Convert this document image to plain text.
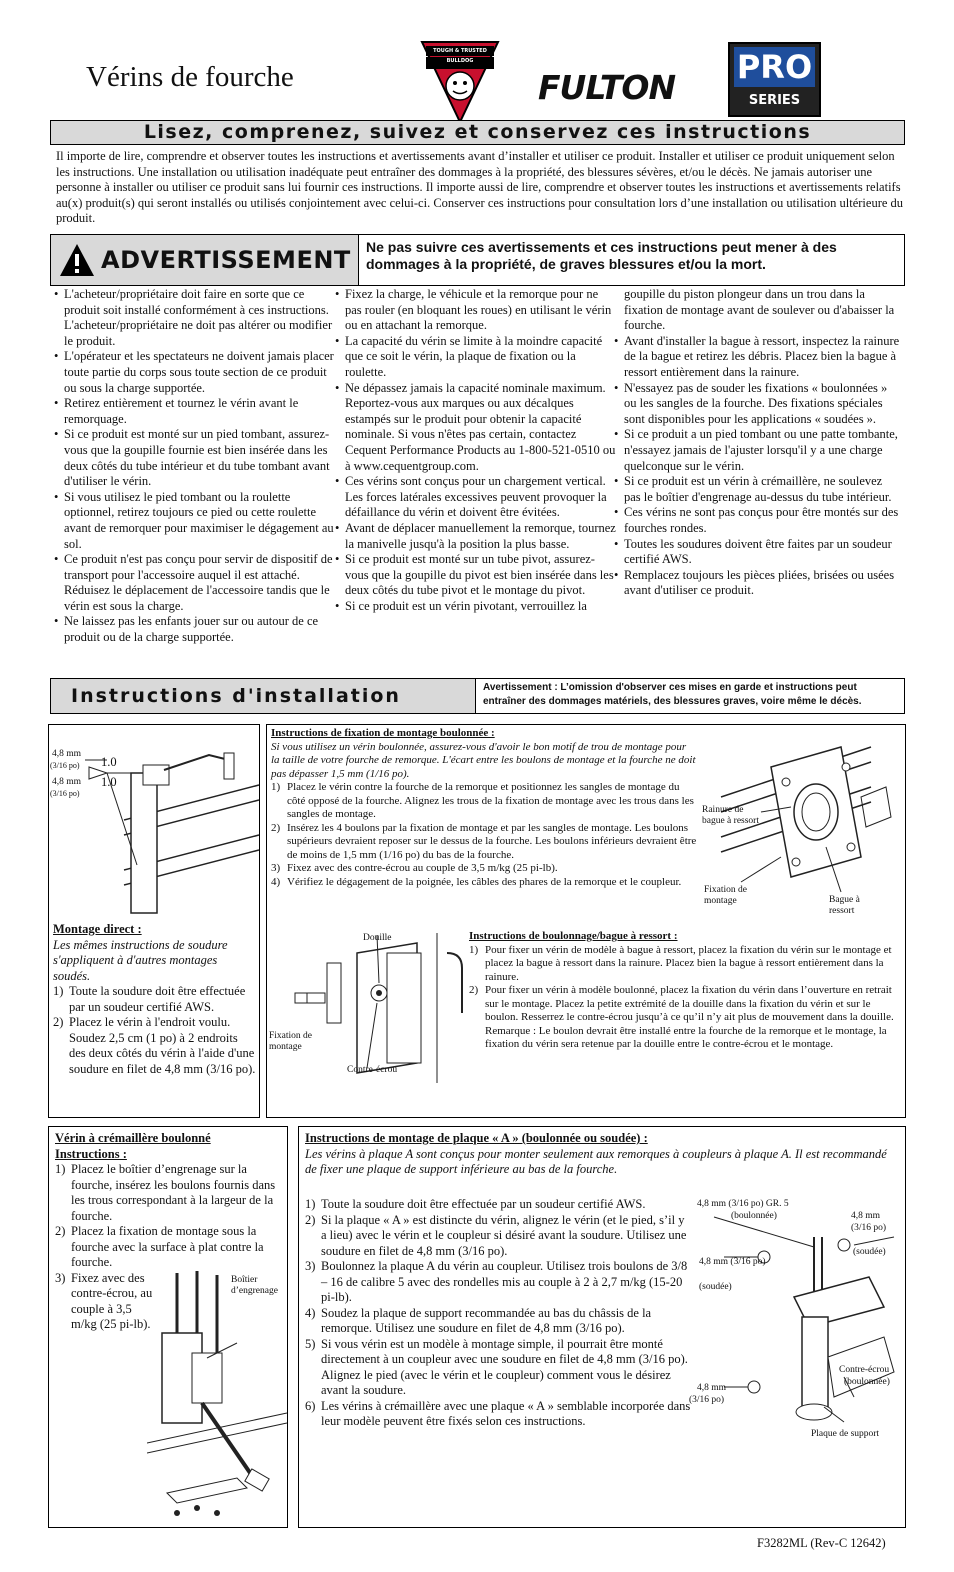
Vérins de fourche
TOUGH & TRUSTED BULLDOG
FULTON
PRO
SERIES
Lisez, comprenez, suivez et conservez ces instructions
Il importe de lire, comprendre et observer toutes les instructions et avertissements avant d’installer et utiliser ce produit. Installer et utiliser ce produit uniquement selon les instructions. Une installation ou utilisation inadéquate peut entraîner des dommages à la propriété, des blessures sévères, et/ou le décès. Ne jamais autoriser une personne à installer ou utiliser ce produit sans lui fournir ces instructions. Il importe aussi de lire, comprendre et observer toutes les instructions et avertissements relatifs au(x) produit(s) qui seront installés ou utilisés conjointement avec celui-ci. Conserver ces instructions pour consultation lors d’une installation ou utilisation ultérieure du produit.
ADVERTISSEMENT Ne pas suivre ces avertissements et ces instructions peut mener à des dommages à la propriété, de graves blessures et/ou la mort.
• L'acheteur/propriétaire doit faire en sorte que ce produit soit installé conformément à ces instructions. L'acheteur/propriétaire ne doit pas altérer ou modifier le produit.
• L'opérateur et les spectateurs ne doivent jamais placer toute partie du corps sous toute section de ce produit ou sous la charge supportée.
• Retirez entièrement et tournez le vérin avant le remorquage.
• Si ce produit est monté sur un pied tombant, assurez-vous que la goupille fournie est bien insérée dans les deux côtés du tube intérieur et du tube tombant avant d'utiliser le vérin.
• Si vous utilisez le pied tombant ou la roulette optionnel, retirez toujours ce pied ou cette roulette avant de remorquer pour maximiser le dégagement au sol.
• Ce produit n'est pas conçu pour servir de dispositif de transport pour l'accessoire auquel il est attaché. Réduisez le déplacement de l'accessoire tandis que le vérin est sous la charge.
• Ne laissez pas les enfants jouer sur ou autour de ce produit ou de la charge supportée.
• Fixez la charge, le véhicule et la remorque pour ne pas rouler (en bloquant les roues) en utilisant le vérin ou en attachant la remorque.
• La capacité du vérin se limite à la moindre capacité que ce soit le vérin, la plaque de fixation ou la roulette.
• Ne dépassez jamais la capacité nominale maximum. Reportez-vous aux marques ou aux décalques estampés sur le produit pour obtenir la capacité nominale. Si vous n'êtes pas certain, contactez Cequent Performance Products au 1-800-521-0510 ou à www.cequentgroup.com.
• Ces vérins sont conçus pour un chargement vertical. Les forces latérales excessives peuvent provoquer la défaillance du vérin et doivent être évitées.
• Avant de déplacer manuellement la remorque, tournez la manivelle jusqu'à la position la plus basse.
• Si ce produit est monté sur un tube pivot, assurez-vous que la goupille du pivot est bien insérée dans les deux côtés du tube pivot et le montage du pivot.
• Si ce produit est un vérin pivotant, verrouillez la
goupille du piston plongeur dans un trou dans la fixation de montage avant de soulever ou d'abaisser la fourche.
• Avant d'installer la bague à ressort, inspectez la rainure de la bague et retirez les débris. Placez bien la bague à ressort entièrement dans la rainure.
• N'essayez pas de souder les fixations « boulonnées » ou les sangles de la fourche. Des fixations spéciales sont disponibles pour les applications « soudées ».
• Si ce produit a un pied tombant ou une patte tombante, n'essayez jamais de l'ajuster lorsqu'il y a une charge quelconque sur le vérin.
• Si ce produit est un vérin à crémaillère, ne soulevez pas le boîtier d'engrenage au-dessus du tube intérieur.
• Ces vérins ne sont pas conçus pour être montés sur des fourches rondes.
• Toutes les soudures doivent être faites par un soudeur certifié AWS.
• Remplacez toujours les pièces pliées, brisées ou usées avant d'utiliser ce produit.
Instructions d'installation	Avertissement : L’omission d'observer ces mises en garde et instructions peut entraîner des dommages matériels, des blessures graves, voire même le décès.
4,8 mm
(3/16 po)
4,8 mm
(3/16 po)
1.0
1.0
Montage direct :
Les mêmes instructions de soudure s'appliquent à d'autres montages soudés.
1) Toute la soudure doit être effectuée par un soudeur certifié AWS.
2) Placez le vérin à l'endroit voulu. Soudez 2,5 cm (1 po) à 2 endroits des deux côtés du vérin à l'aide d'une soudure en filet de 4,8 mm (3/16 po).
Instructions de fixation de montage boulonnée :
Si vous utilisez un vérin boulonnée, assurez-vous d'avoir le bon motif de trou de montage pour la taille de votre fourche de remorque. L'écart entre les boulons de montage et la fourche ne doit pas dépasser 1,5 mm (1/16 po).
1) Placez le vérin contre la fourche de la remorque et positionnez les sangles de montage du côté opposé de la fourche. Alignez les trous de la fixation de montage avec les trous dans les sangles de montage.
2) Insérez les 4 boulons par la fixation de montage et par les sangles de montage. Les boulons supérieurs devraient reposer sur le dessus de la fourche. Les boulons inférieurs devraient être de moins de 1,5 mm (1/16 po) du bas de la fourche.
3) Fixez avec des contre-écrou au couple de 3,5 m/kg (25 pi-lb).
4) Vérifiez le dégagement de la poignée, les câbles des phares de la remorque et le coupleur.
Rainure de bague à ressort
Fixation de montage	Bague à ressort
Douille
Fixation de montage
Contre-écrou
Instructions de boulonnage/bague à ressort :
1) Pour fixer un vérin de modèle à bague à ressort, placez la fixation du vérin sur le montage et placez la bague à ressort dans la rainure. Placez bien la bague à ressort entièrement dans la rainure.
2) Pour fixer un vérin à modèle boulonné, placez la fixation du vérin dans l’ouverture en retrait sur le montage. Placez la petite extrémité de la douille dans la fixation du vérin et sur le boulon. Resserrez le contre-écrou jusqu’à ce qu’il n’y ait plus de mouvement dans la douille. Remarque : Le boulon devrait être installé entre la fourche de la remorque et le montage, la fixation du vérin sera retenue par la douille entre le contre-écrou et le montage.
Vérin à crémaillère boulonné
Instructions :
1) Placez le boîtier d’engrenage sur la fourche, insérez les boulons fournis dans les trous correspondant à la largeur de la fourche.
2) Placez la fixation de montage sous la fourche avec la surface à plat contre la fourche.
3) Fixez avec des contre-écrou, au couple à 3,5 m/kg (25 pi-lb).
Boîtier d’engrenage
Instructions de montage de plaque « A » (boulonnée ou soudée) :
Les vérins à plaque A sont conçus pour monter seulement aux remorques à coupleurs à plaque A. Il est recommandé de fixer une plaque de support inférieure au bas de la fourche.
1) Toute la soudure doit être effectuée par un soudeur certifié AWS.
2) Si la plaque « A » est distincte du vérin, alignez le vérin (et le pied, s’il y a lieu) avec le vérin et le coupleur si désiré avant la soudure. Utilisez une soudure en filet de 4,8 mm (3/16 po).
3) Boulonnez la plaque A du vérin au coupleur. Utilisez trois boulons de 3/8 – 16 de calibre 5 avec des rondelles mis au couple à 2 à 2,7 m/kg (15-20 pi-lb).
4) Soudez la plaque de support recommandée au bas du châssis de la remorque. Utilisez une soudure en filet de 4,8 mm (3/16 po).
5) Si vous vérin est un modèle à montage simple, il pourrait être monté directement à un coupleur avec une soudure en filet de 4,8 mm (3/16 po). Alignez le pied (avec le vérin et le coupleur) comment vous le désirez avant la soudure.
6) Les vérins à crémaillère avec une plaque « A » semblable incorporée dans leur modèle peuvent être fixés selon ces instructions.
4,8 mm (3/16 po) GR. 5
(boulonnée)	4,8 mm
(3/16 po)
(soudée)
4,8 mm (3/16 po)
(soudée)
Contre-écrou
(boulonnée)
4,8 mm
(3/16 po)
Plaque de support
F3282ML (Rev-C 12642)
